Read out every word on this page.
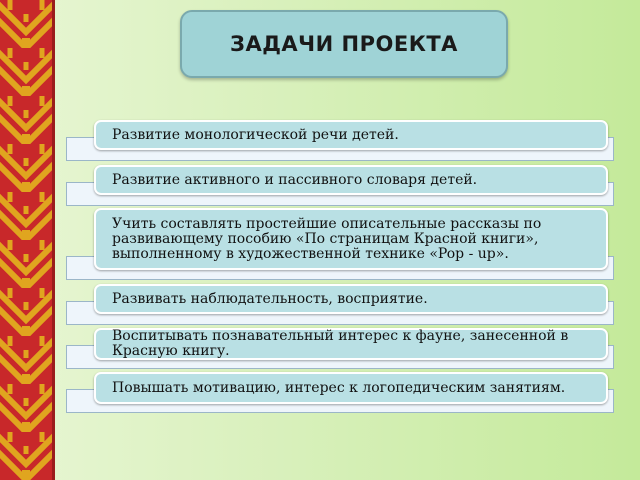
ЗАДАЧИ ПРОЕКТА
Развитие монологической речи детей.
Развитие активного и пассивного словаря детей.
Учить составлять простейшие описательные рассказы по развивающему пособию «По страницам Красной книги», выполненному в художественной технике «Pop - up».
Развивать наблюдательность, восприятие.
Воспитывать познавательный интерес к фауне, занесенной в Красную книгу.
Повышать мотивацию, интерес к логопедическим занятиям.
